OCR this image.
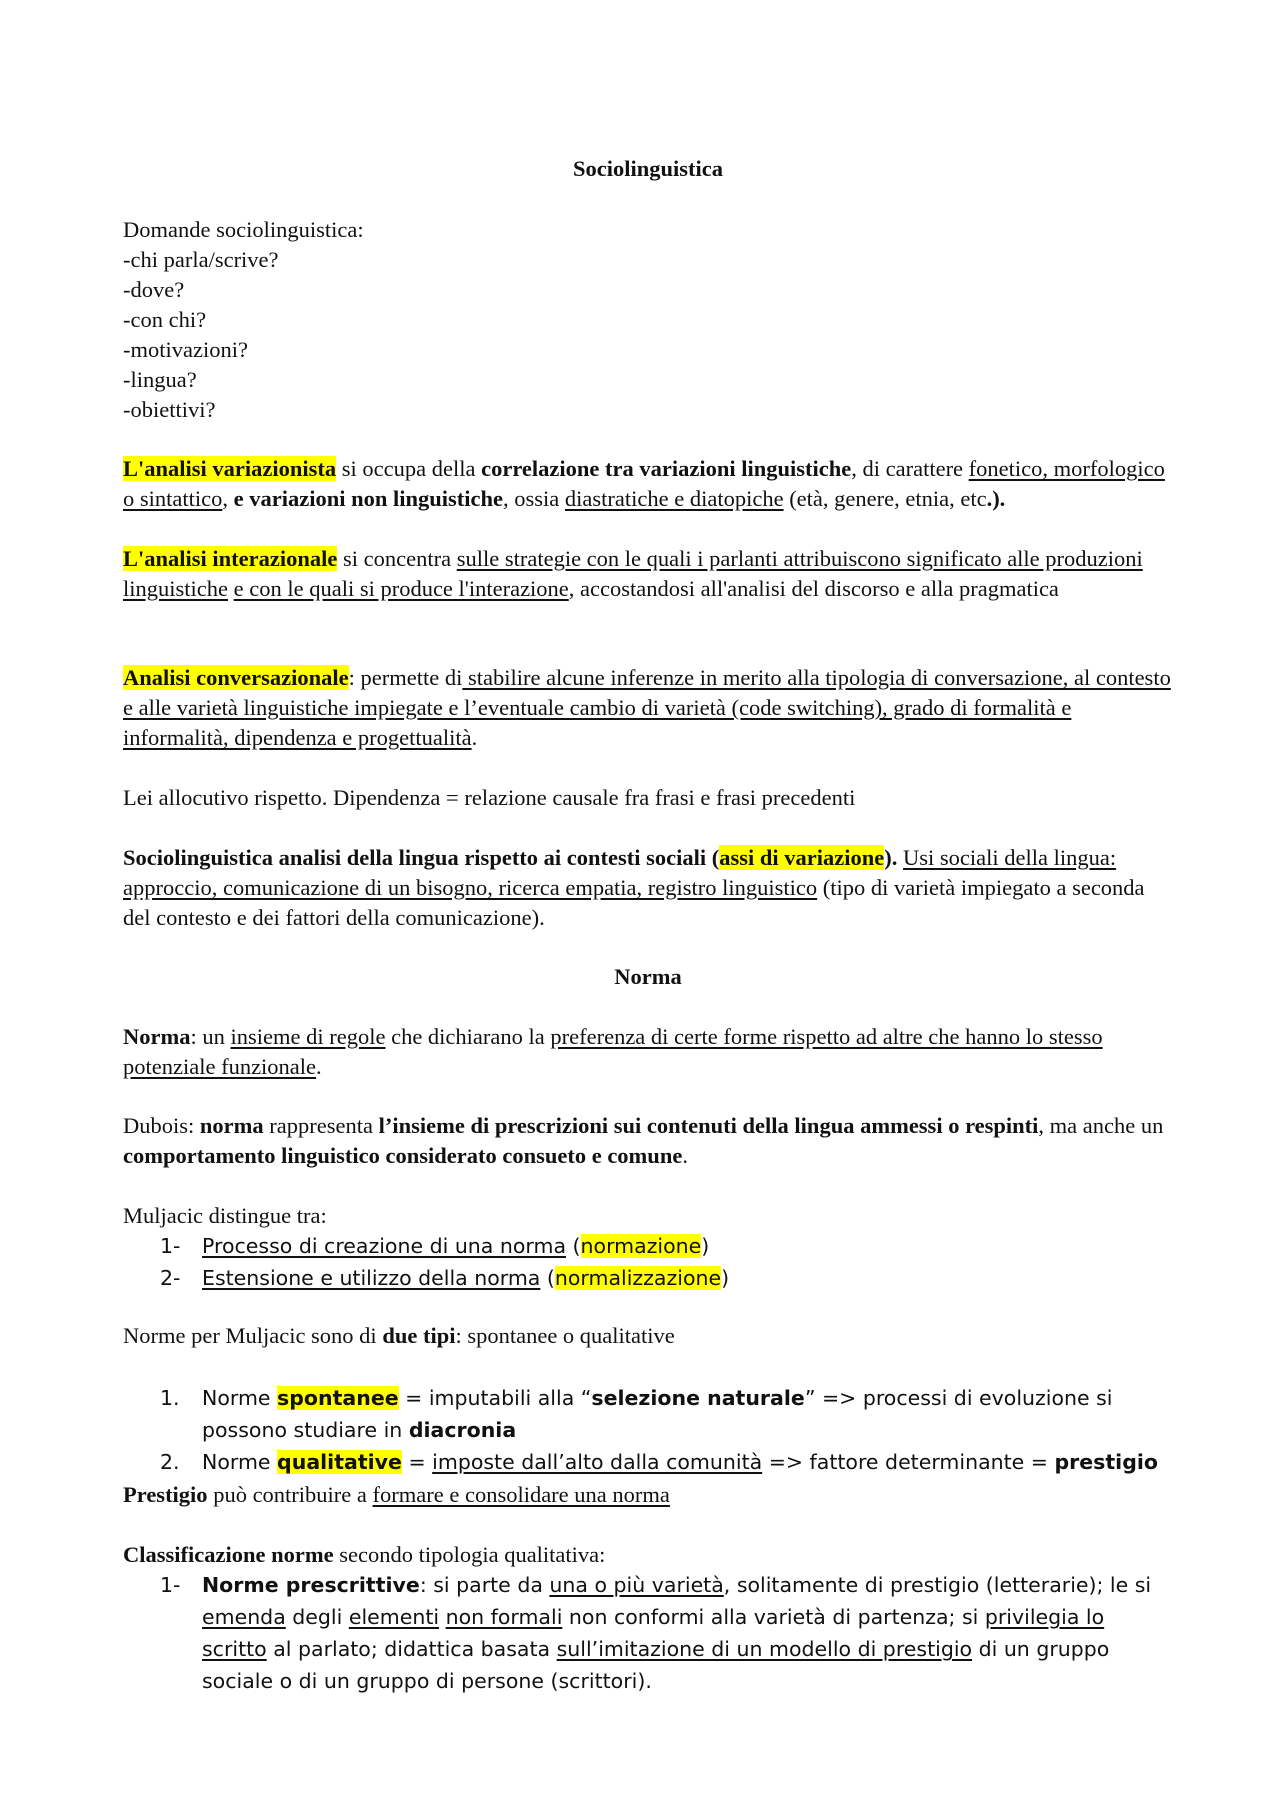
Sociolinguistica
Domande sociolinguistica:
-chi parla/scrive?
-dove?
-con chi?
-motivazioni?
-lingua?
-obiettivi?
L'analisi variazionista si occupa della correlazione tra variazioni linguistiche, di carattere fonetico, morfologico o sintattico, e variazioni non linguistiche, ossia diastratiche e diatopiche (età, genere, etnia, etc.).
L'analisi interazionale si concentra sulle strategie con le quali i parlanti attribuiscono significato alle produzioni linguistiche e con le quali si produce l'interazione, accostandosi all'analisi del discorso e alla pragmatica
Analisi conversazionale: permette di stabilire alcune inferenze in merito alla tipologia di conversazione, al contesto e alle varietà linguistiche impiegate e l’eventuale cambio di varietà (code switching), grado di formalità e informalità, dipendenza e progettualità.
Lei allocutivo rispetto. Dipendenza = relazione causale fra frasi e frasi precedenti
Sociolinguistica analisi della lingua rispetto ai contesti sociali (assi di variazione). Usi sociali della lingua: approccio, comunicazione di un bisogno, ricerca empatia, registro linguistico (tipo di varietà impiegato a seconda del contesto e dei fattori della comunicazione).
Norma
Norma: un insieme di regole che dichiarano la preferenza di certe forme rispetto ad altre che hanno lo stesso potenziale funzionale.
Dubois: norma rappresenta l’insieme di prescrizioni sui contenuti della lingua ammessi o respinti, ma anche un comportamento linguistico considerato consueto e comune.
Muljacic distingue tra:
1-	Processo di creazione di una norma (normazione)
2-	Estensione e utilizzo della norma (normalizzazione)
Norme per Muljacic sono di due tipi: spontanee o qualitative
1.	Norme spontanee = imputabili alla “selezione naturale” => processi di evoluzione si possono studiare in diacronia
2.	Norme qualitative = imposte dall’alto dalla comunità => fattore determinante = prestigio
Prestigio può contribuire a formare e consolidare una norma
Classificazione norme secondo tipologia qualitativa:
1-	Norme prescrittive: si parte da una o più varietà, solitamente di prestigio (letterarie); le si emenda degli elementi non formali non conformi alla varietà di partenza; si privilegia lo scritto al parlato; didattica basata sull’imitazione di un modello di prestigio di un gruppo sociale o di un gruppo di persone (scrittori).
